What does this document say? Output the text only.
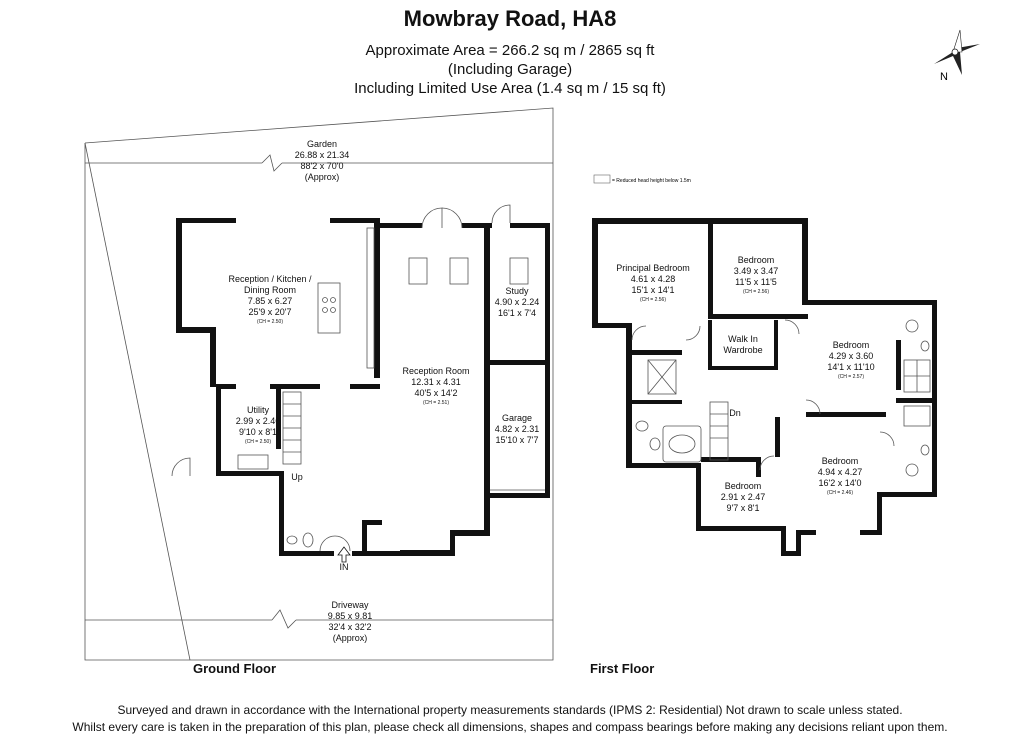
Mowbray Road, HA8
Approximate Area = 266.2 sq m / 2865 sq ft
(Including Garage)
Including Limited Use Area (1.4 sq m / 15 sq ft)
N
= Reduced head height below 1.5m
Garden
26.88 x 21.34
88'2 x 70'0
(Approx)
Driveway
9.85 x 9.81
32'4 x 32'2
(Approx)
IN
Up
Reception / Kitchen /
Dining Room
7.85 x 6.27
25'9 x 20'7
(CH = 2.50)
Reception Room
12.31 x 4.31
40'5 x 14'2
(CH = 2.51)
Study
4.90 x 2.24
16'1 x 7'4
Garage
4.82 x 2.31
15'10 x 7'7
Utility
2.99 x 2.46
9'10 x 8'1
(CH = 2.50)
Ground Floor
Dn
Principal Bedroom
4.61 x 4.28
15'1 x 14'1
(CH = 2.56)
Bedroom
3.49 x 3.47
11'5 x 11'5
(CH = 2.56)
Walk In
Wardrobe	Bedroom
4.29 x 3.60
14'1 x 11'10
(CH = 2.57)
Bedroom
4.94 x 4.27
16'2 x 14'0
(CH = 2.46)
Bedroom
2.91 x 2.47
9'7 x 8'1
First Floor
Surveyed and drawn in accordance with the International property measurements standards (IPMS 2: Residential) Not drawn to scale unless stated.
Whilst every care is taken in the preparation of this plan, please check all dimensions, shapes and compass bearings before making any decisions reliant upon them.
